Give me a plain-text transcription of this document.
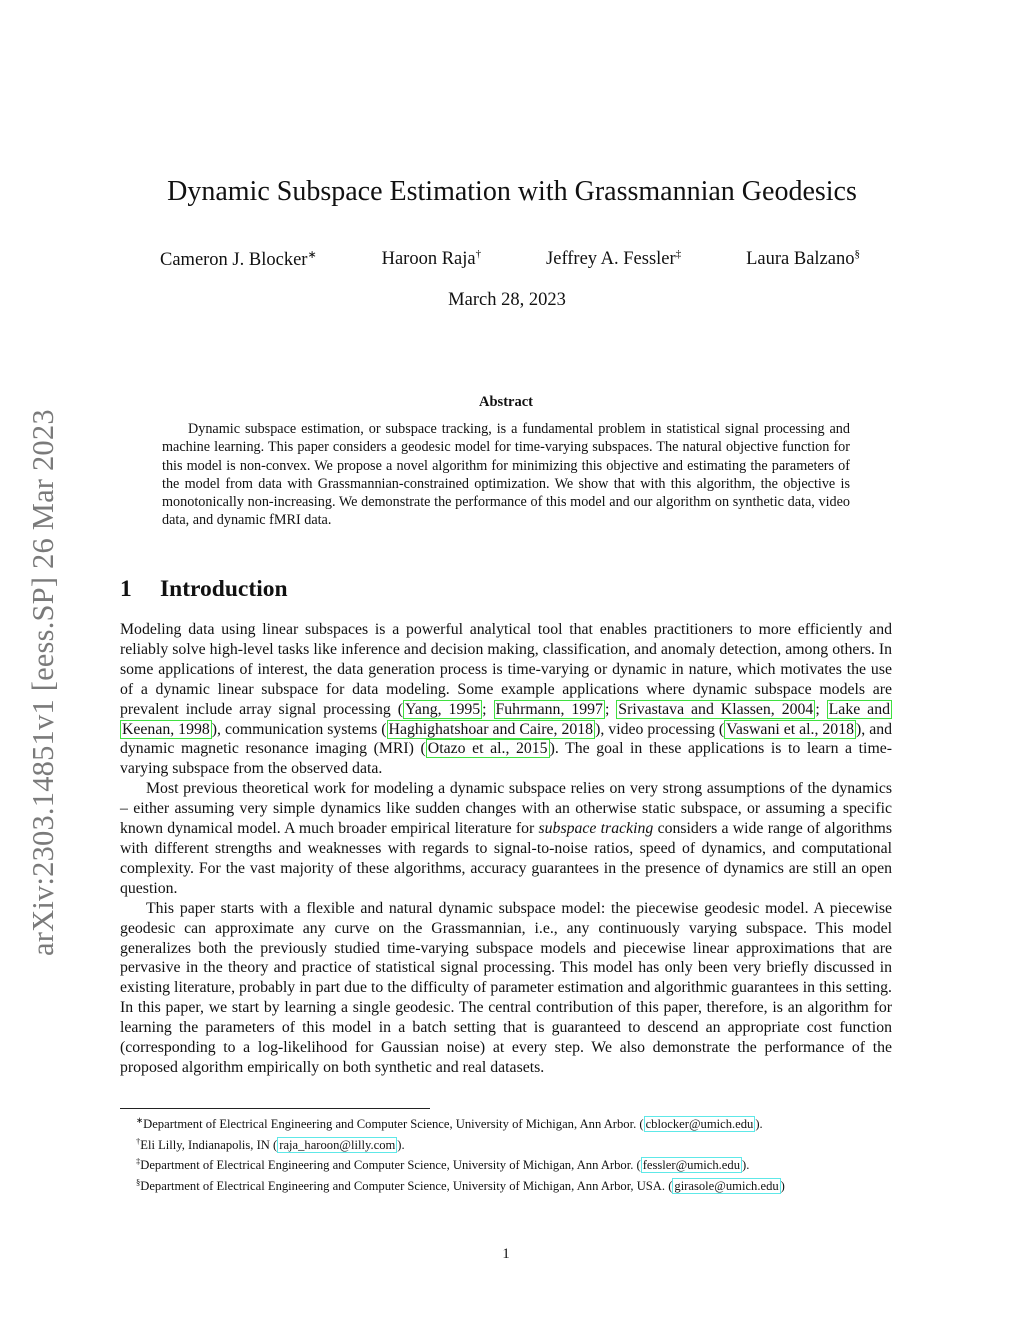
arXiv:2303.14851v1 [eess.SP] 26 Mar 2023
Dynamic Subspace Estimation with Grassmannian Geodesics
Cameron J. Blocker∗	Haroon Raja†	Jeffrey A. Fessler‡	Laura Balzano§
March 28, 2023
Abstract

Dynamic subspace estimation, or subspace tracking, is a fundamental problem in statistical signal processing and machine learning. This paper considers a geodesic model for time-varying subspaces. The natural objective function for this model is non-convex. We propose a novel algorithm for minimizing this objective and estimating the parameters of the model from data with Grassmannian-constrained optimization. We show that with this algorithm, the objective is monotonically non-increasing. We demonstrate the performance of this model and our algorithm on synthetic data, video data, and dynamic fMRI data.

1 Introduction

Modeling data using linear subspaces is a powerful analytical tool that enables practitioners to more efficiently and reliably solve high-level tasks like inference and decision making, classification, and anomaly detection, among others. In some applications of interest, the data generation process is time-varying or dynamic in nature, which motivates the use of a dynamic linear subspace for data modeling. Some example applications where dynamic subspace models are prevalent include array signal processing ( Yang, 1995 ; Fuhrmann, 1997 ; Srivastava and Klassen, 2004 ; Lake and Keenan, 1998 ), communication systems ( Haghighatshoar and Caire, 2018 ), video processing ( Vaswani et al., 2018 ), and dynamic magnetic resonance imaging (MRI) ( Otazo et al., 2015 ). The goal in these applications is to learn a time-varying subspace from the observed data.

Most previous theoretical work for modeling a dynamic subspace relies on very strong assumptions of the dynamics – either assuming very simple dynamics like sudden changes with an otherwise static subspace, or assuming a specific known dynamical model. A much broader empirical literature for subspace tracking considers a wide range of algorithms with different strengths and weaknesses with regards to signal-to-noise ratios, speed of dynamics, and computational complexity. For the vast majority of these algorithms, accuracy guarantees in the presence of dynamics are still an open question.

This paper starts with a flexible and natural dynamic subspace model: the piecewise geodesic model. A piecewise geodesic can approximate any curve on the Grassmannian, i.e., any continuously varying subspace. This model generalizes both the previously studied time-varying subspace models and piecewise linear approximations that are pervasive in the theory and practice of statistical signal processing. This model has only been very briefly discussed in existing literature, probably in part due to the difficulty of parameter estimation and algorithmic guarantees in this setting. In this paper, we start by learning a single geodesic. The central contribution of this paper, therefore, is an algorithm for learning the parameters of this model in a batch setting that is guaranteed to descend an appropriate cost function (corresponding to a log-likelihood for Gaussian noise) at every step. We also demonstrate the performance of the proposed algorithm empirically on both synthetic and real datasets.

∗Department of Electrical Engineering and Computer Science, University of Michigan, Ann Arbor. ( cblocker@umich.edu ).
†Eli Lilly, Indianapolis, IN ( raja_haroon@lilly.com ).
‡Department of Electrical Engineering and Computer Science, University of Michigan, Ann Arbor. ( fessler@umich.edu ).
§Department of Electrical Engineering and Computer Science, University of Michigan, Ann Arbor, USA. ( girasole@umich.edu )
1
